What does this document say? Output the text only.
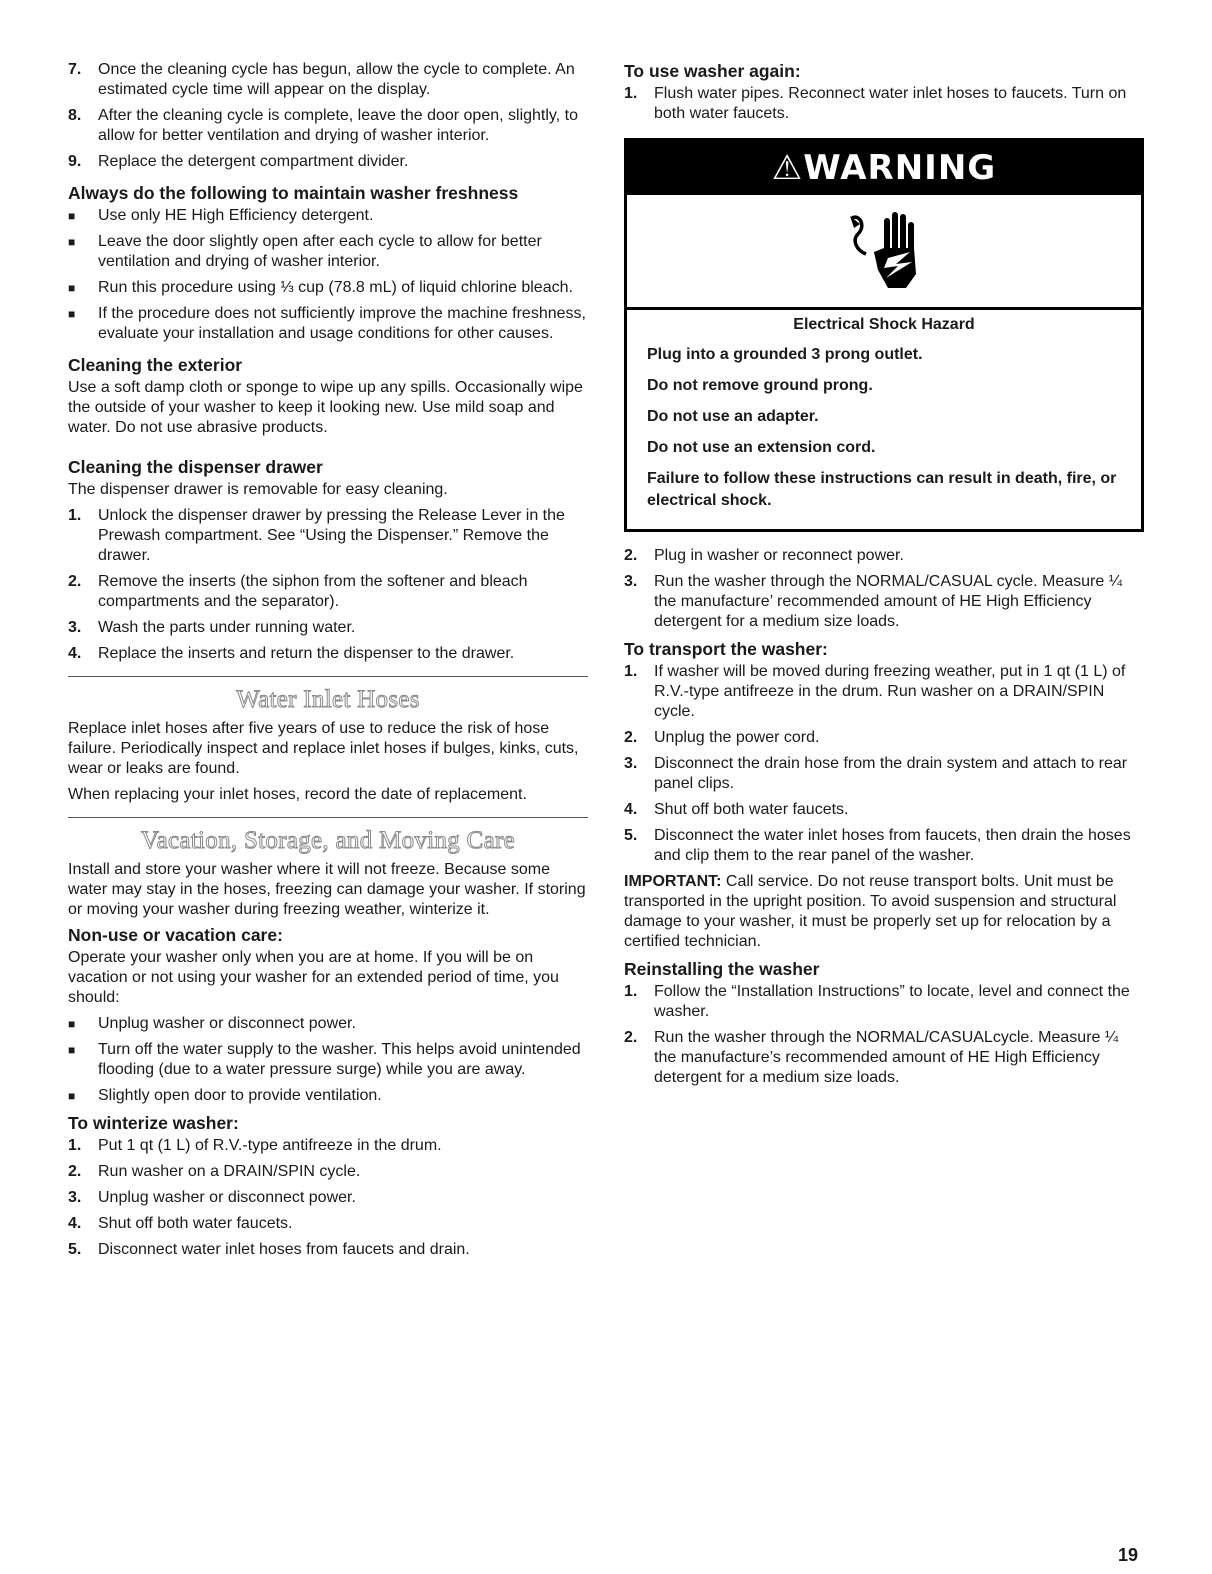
7.	Once the cleaning cycle has begun, allow the cycle to complete. An estimated cycle time will appear on the display.
8.	After the cleaning cycle is complete, leave the door open, slightly, to allow for better ventilation and drying of washer interior.
9.	Replace the detergent compartment divider.
Always do the following to maintain washer freshness
■	Use only HE High Efficiency detergent.
■	Leave the door slightly open after each cycle to allow for better ventilation and drying of washer interior.
■	Run this procedure using ⅓ cup (78.8 mL) of liquid chlorine bleach.
■	If the procedure does not sufficiently improve the machine freshness, evaluate your installation and usage conditions for other causes.
Cleaning the exterior

Use a soft damp cloth or sponge to wipe up any spills. Occasionally wipe the outside of your washer to keep it looking new. Use mild soap and water. Do not use abrasive products.

Cleaning the dispenser drawer

The dispenser drawer is removable for easy cleaning.

1.	Unlock the dispenser drawer by pressing the Release Lever in the Prewash compartment. See “Using the Dispenser.” Remove the drawer.
2.	Remove the inserts (the siphon from the softener and bleach compartments and the separator).
3.	Wash the parts under running water.
4.	Replace the inserts and return the dispenser to the drawer.
Water Inlet Hoses

Replace inlet hoses after five years of use to reduce the risk of hose failure. Periodically inspect and replace inlet hoses if bulges, kinks, cuts, wear or leaks are found.

When replacing your inlet hoses, record the date of replacement.

Vacation, Storage, and Moving Care

Install and store your washer where it will not freeze. Because some water may stay in the hoses, freezing can damage your washer. If storing or moving your washer during freezing weather, winterize it.

Non-use or vacation care:

Operate your washer only when you are at home. If you will be on vacation or not using your washer for an extended period of time, you should:

■	Unplug washer or disconnect power.
■	Turn off the water supply to the washer. This helps avoid unintended flooding (due to a water pressure surge) while you are away.
■	Slightly open door to provide ventilation.
To winterize washer:
1.	Put 1 qt (1 L) of R.V.-type antifreeze in the drum.
2.	Run washer on a DRAIN/SPIN cycle.
3.	Unplug washer or disconnect power.
4.	Shut off both water faucets.
5.	Disconnect water inlet hoses from faucets and drain.
To use washer again:
1.	Flush water pipes. Reconnect water inlet hoses to faucets. Turn on both water faucets.
⚠WARNING
Electrical Shock Hazard
Plug into a grounded 3 prong outlet.
Do not remove ground prong.
Do not use an adapter.
Do not use an extension cord.
Failure to follow these instructions can result in death, fire, or electrical shock.
2.	Plug in washer or reconnect power.
3.	Run the washer through the NORMAL/CASUAL cycle. Measure ¼ the manufacture’ recommended amount of HE High Efficiency detergent for a medium size loads.
To transport the washer:
1.	If washer will be moved during freezing weather, put in 1 qt (1 L) of R.V.-type antifreeze in the drum. Run washer on a DRAIN/SPIN cycle.
2.	Unplug the power cord.
3.	Disconnect the drain hose from the drain system and attach to rear panel clips.
4.	Shut off both water faucets.
5.	Disconnect the water inlet hoses from faucets, then drain the hoses and clip them to the rear panel of the washer.

IMPORTANT: Call service. Do not reuse transport bolts. Unit must be transported in the upright position. To avoid suspension and structural damage to your washer, it must be properly set up for relocation by a certified technician.

Reinstalling the washer
1.	Follow the “Installation Instructions” to locate, level and connect the washer.
2.	Run the washer through the NORMAL/CASUALcycle. Measure ¼ the manufacture’s recommended amount of HE High Efficiency detergent for a medium size loads.
19
